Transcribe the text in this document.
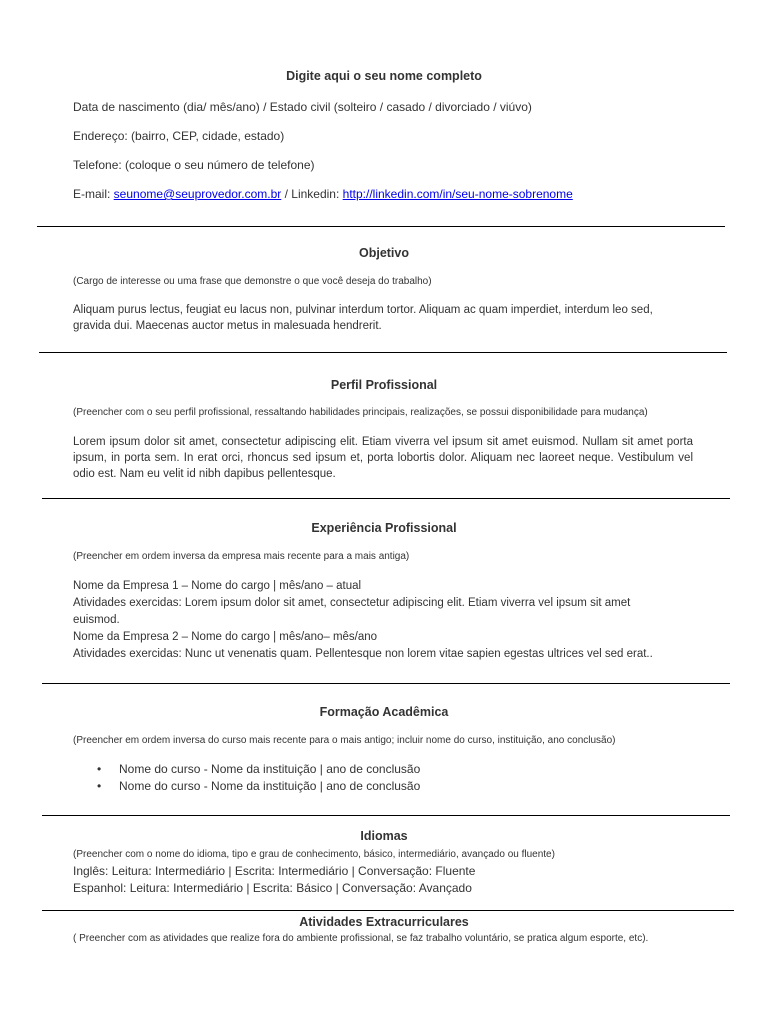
Digite aqui o seu nome completo
Data de nascimento (dia/ mês/ano) / Estado civil (solteiro / casado / divorciado / viúvo)
Endereço: (bairro, CEP, cidade, estado)
Telefone: (coloque o seu número de telefone)
E-mail: seunome@seuprovedor.com.br / Linkedin: http://linkedin.com/in/seu-nome-sobrenome
Objetivo
(Cargo de interesse ou uma frase que demonstre o que você deseja do trabalho)
Aliquam purus lectus, feugiat eu lacus non, pulvinar interdum tortor. Aliquam ac quam imperdiet, interdum leo sed, gravida dui. Maecenas auctor metus in malesuada hendrerit.
Perfil Profissional
(Preencher com o seu perfil profissional, ressaltando habilidades principais, realizações, se possui disponibilidade para mudança)
Lorem ipsum dolor sit amet, consectetur adipiscing elit. Etiam viverra vel ipsum sit amet euismod. Nullam sit amet porta ipsum, in porta sem. In erat orci, rhoncus sed ipsum et, porta lobortis dolor. Aliquam nec laoreet neque. Vestibulum vel odio est. Nam eu velit id nibh dapibus pellentesque.
Experiência Profissional
(Preencher em ordem inversa da empresa mais recente para a mais antiga)
Nome da Empresa 1 – Nome do cargo | mês/ano – atual
Atividades exercidas: Lorem ipsum dolor sit amet, consectetur adipiscing elit. Etiam viverra vel ipsum sit amet euismod.
Nome da Empresa 2 – Nome do cargo | mês/ano– mês/ano
Atividades exercidas: Nunc ut venenatis quam. Pellentesque non lorem vitae sapien egestas ultrices vel sed erat..
Formação Acadêmica
(Preencher em ordem inversa do curso mais recente para o mais antigo; incluir nome do curso, instituição, ano conclusão)
• Nome do curso - Nome da instituição | ano de conclusão
• Nome do curso - Nome da instituição | ano de conclusão
Idiomas
(Preencher com o nome do idioma, tipo e grau de conhecimento, básico, intermediário, avançado ou fluente)
Inglês: Leitura: Intermediário | Escrita: Intermediário | Conversação: Fluente
Espanhol: Leitura: Intermediário | Escrita: Básico | Conversação: Avançado
Atividades Extracurriculares
( Preencher com as atividades que realize fora do ambiente profissional, se faz trabalho voluntário, se pratica algum esporte, etc).
